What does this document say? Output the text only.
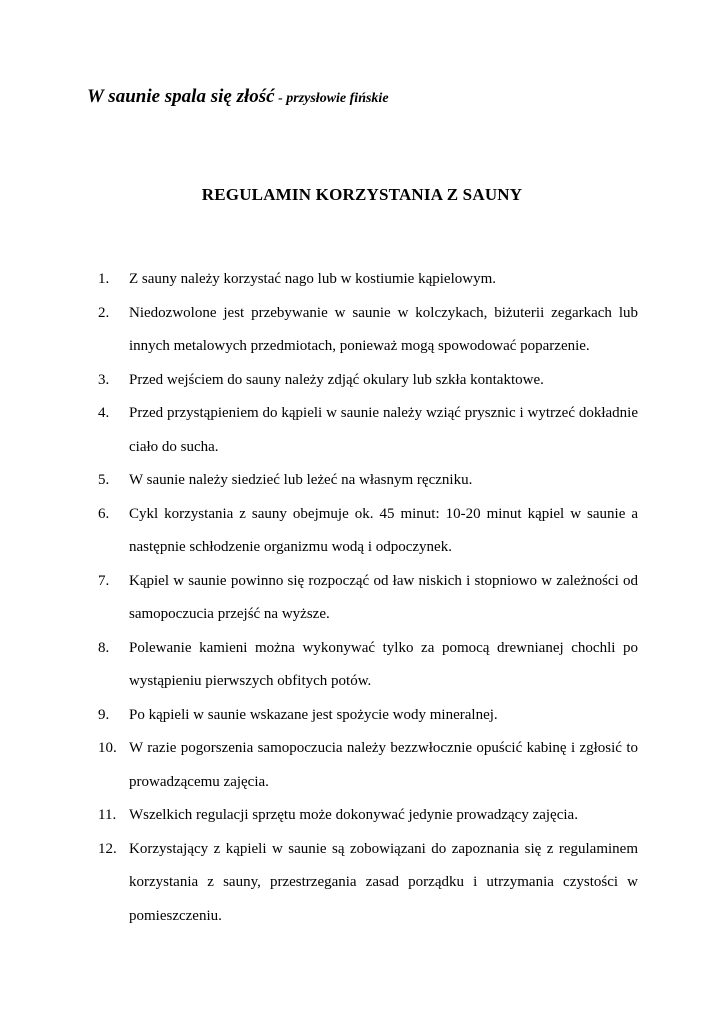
W saunie spala się złość - przysłowie fińskie
REGULAMIN KORZYSTANIA Z SAUNY
1.	Z sauny należy korzystać nago lub w kostiumie kąpielowym.
2.	Niedozwolone jest przebywanie w saunie w kolczykach, biżuterii zegarkach lub innych metalowych przedmiotach, ponieważ mogą spowodować poparzenie.
3.	Przed wejściem do sauny należy zdjąć okulary lub szkła kontaktowe.
4.	Przed przystąpieniem do kąpieli w saunie należy wziąć prysznic i wytrzeć dokładnie ciało do sucha.
5.	W saunie należy siedzieć lub leżeć na własnym ręczniku.
6.	Cykl korzystania z sauny obejmuje ok. 45 minut: 10-20 minut kąpiel w saunie a następnie schłodzenie organizmu wodą i odpoczynek.
7.	Kąpiel w saunie powinno się rozpocząć od ław niskich i stopniowo w zależności od samopoczucia przejść na wyższe.
8.	Polewanie kamieni można wykonywać tylko za pomocą drewnianej chochli po wystąpieniu pierwszych obfitych potów.
9.	Po kąpieli w saunie wskazane jest spożycie wody mineralnej.
10. W razie pogorszenia samopoczucia należy bezzwłocznie opuścić kabinę i zgłosić to prowadzącemu zajęcia.
11. Wszelkich regulacji sprzętu może dokonywać jedynie prowadzący zajęcia.
12. Korzystający z kąpieli w saunie są zobowiązani do zapoznania się z regulaminem korzystania z sauny, przestrzegania zasad porządku i utrzymania czystości w pomieszczeniu.
